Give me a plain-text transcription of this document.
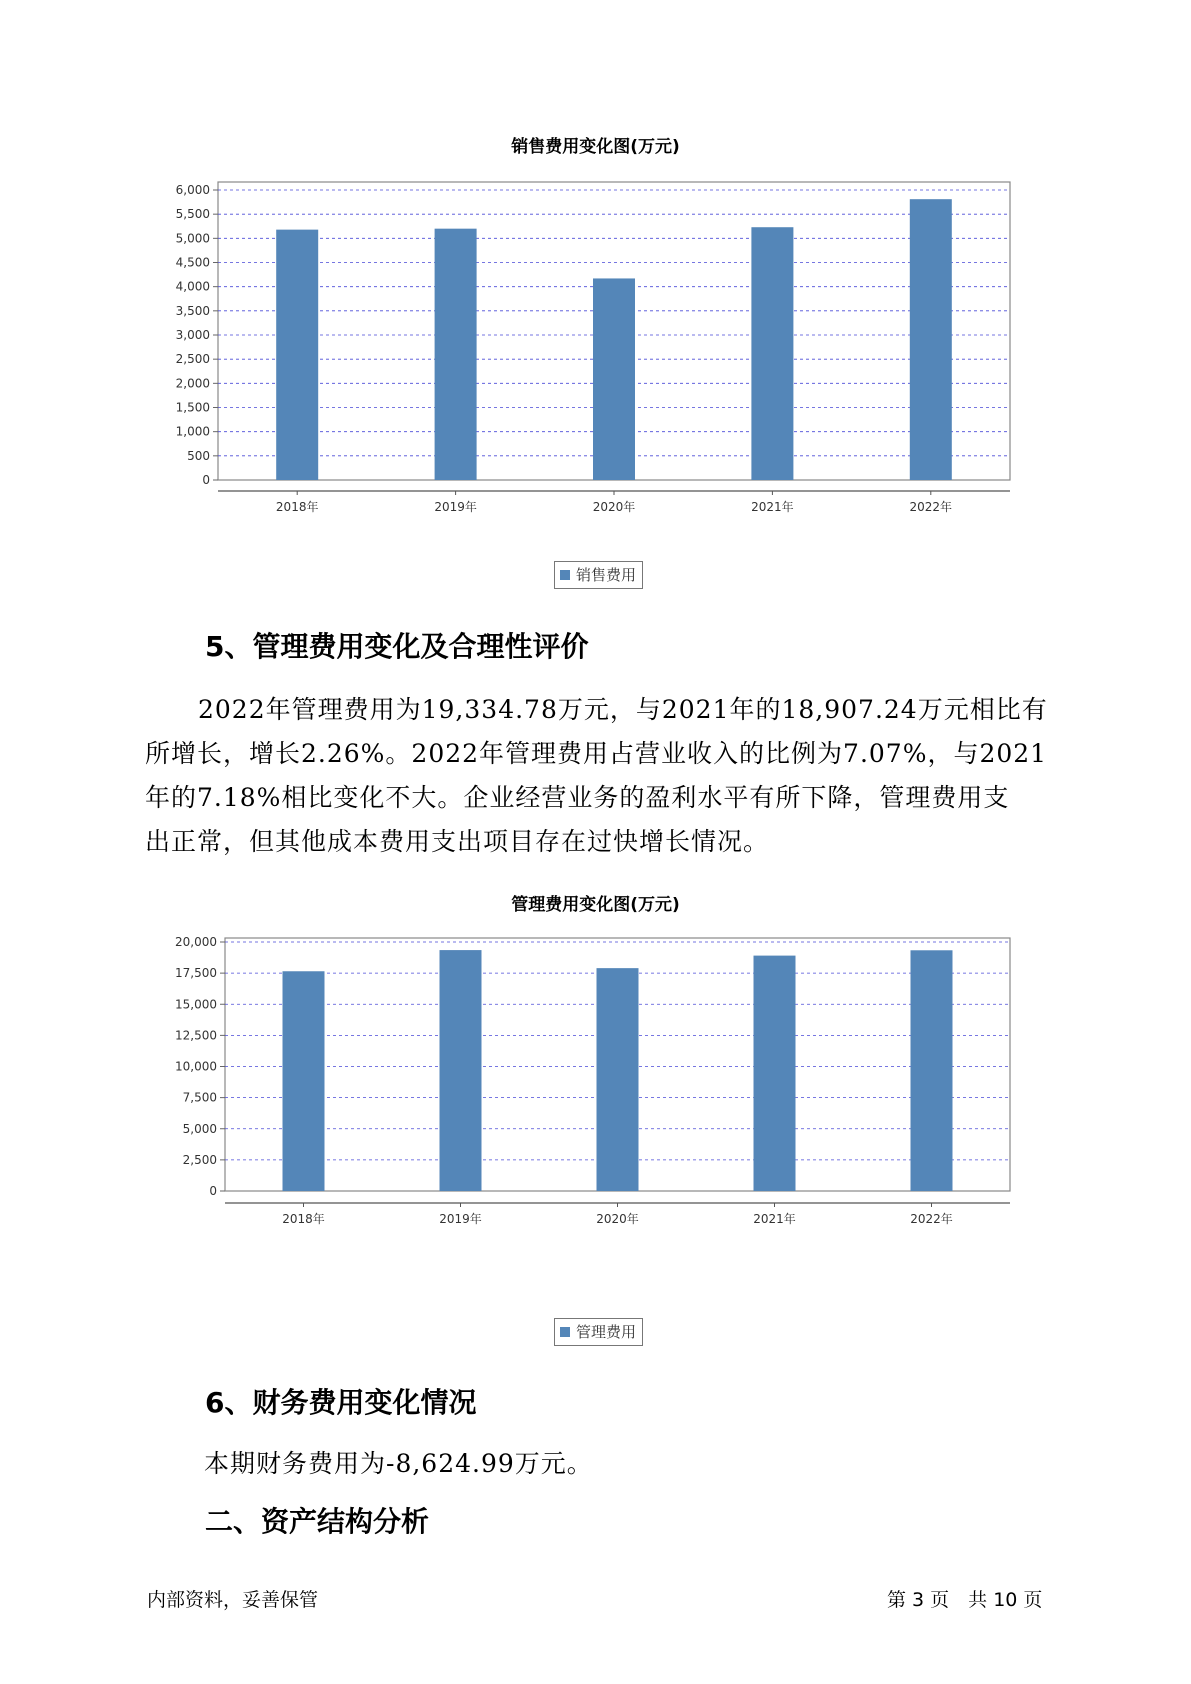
销售费用变化图(万元)
0
500
1,000
1,500
2,000
2,500
3,000
3,500
4,000
4,500
5,000
5,500
6,000
2018年	2019年	2020年	2021年	2022年
销售费用
5、管理费用变化及合理性评价
2022年管理费用为19,334.78万元，与2021年的18,907.24万元相比有
所增长，增长2.26%。2022年管理费用占营业收入的比例为7.07%，与2021
年的7.18%相比变化不大。企业经营业务的盈利水平有所下降，管理费用支
出正常，但其他成本费用支出项目存在过快增长情况。
管理费用变化图(万元)
0
2,500
5,000
7,500
10,000
12,500
15,000
17,500
20,000
2018年	2019年	2020年	2021年	2022年
管理费用
6、财务费用变化情况
本期财务费用为-8,624.99万元。
二、资产结构分析
内部资料，妥善保管	第 3 页　共 10 页
